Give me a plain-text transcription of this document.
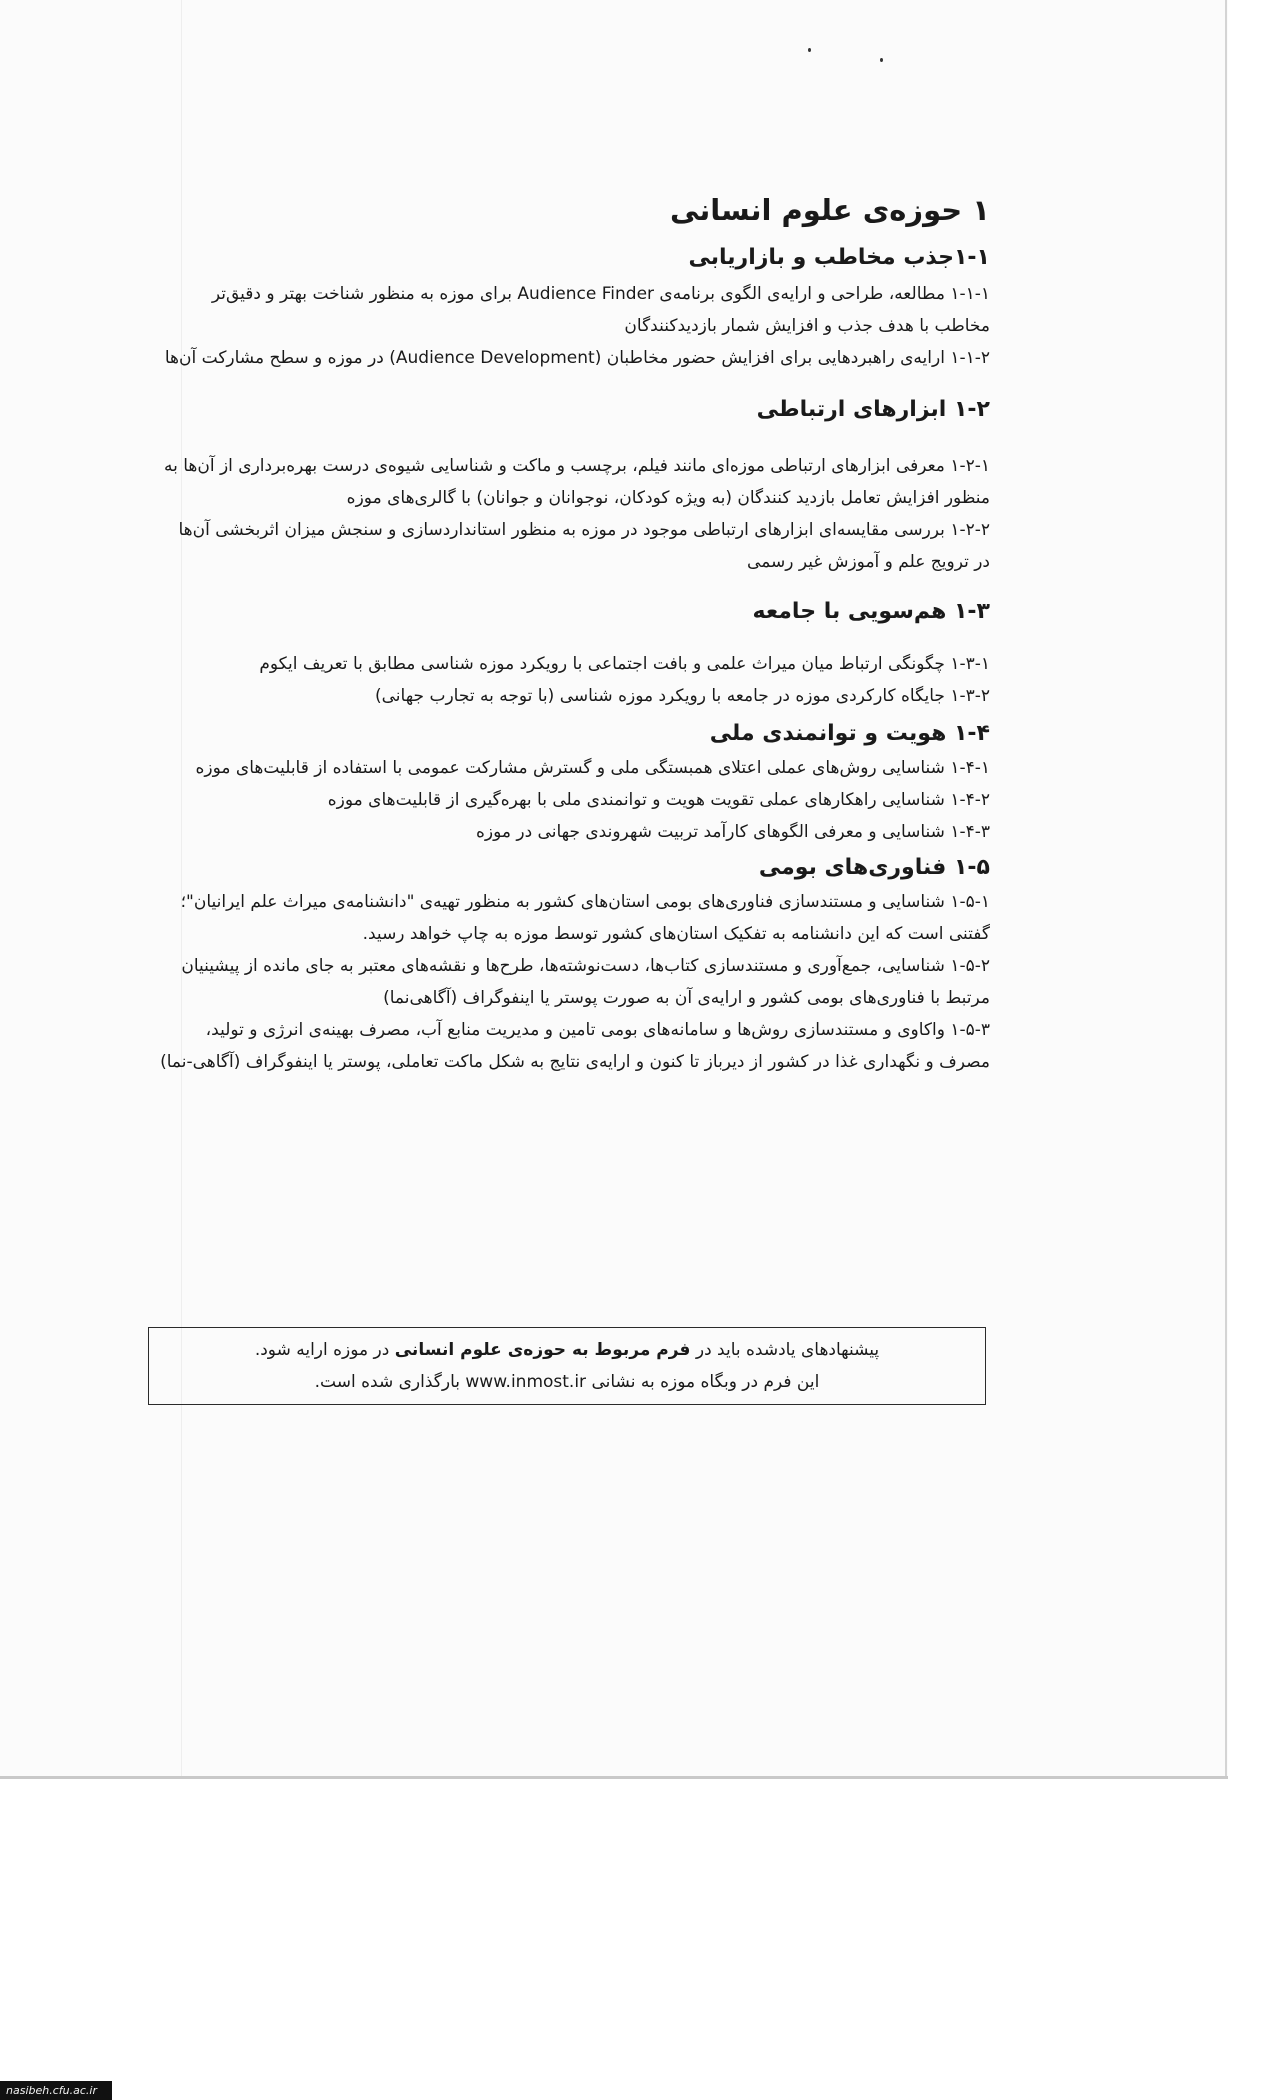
۱ حوزه‌ی علوم انسانی
۱-۱جذب مخاطب و بازاریابی

۱-۱-۱ مطالعه، طراحی و ارایه‌ی الگوی برنامه‌ی Audience Finder برای موزه به منظور شناخت بهتر و دقیق‌تر مخاطب با هدف جذب و افزایش شمار بازدیدکنندگان

۱-۱-۲ ارایه‌ی راهبردهایی برای افزایش حضور مخاطبان (Audience Development) در موزه و سطح مشارکت آن‌ها

۱-۲ ابزارهای ارتباطی

۱-۲-۱ معرفی ابزارهای ارتباطی موزه‌ای مانند فیلم، برچسب و ماکت و شناسایی شیوه‌ی درست بهره‌برداری از آن‌ها به منظور افزایش تعامل بازدید کنندگان (به ویژه کودکان، نوجوانان و جوانان) با گالری‌های موزه

۱-۲-۲ بررسی مقایسه‌ای ابزارهای ارتباطی موجود در موزه به منظور استانداردسازی و سنجش میزان اثربخشی آن‌ها در ترویج علم و آموزش غیر رسمی

۱-۳ هم‌سویی با جامعه

۱-۳-۱ چگونگی ارتباط میان میراث علمی و بافت اجتماعی با رویکرد موزه شناسی مطابق با تعریف ایکوم

۱-۳-۲ جایگاه کارکردی موزه در جامعه با رویکرد موزه شناسی (با توجه به تجارب جهانی)

۱-۴ هویت و توانمندی ملی

۱-۴-۱ شناسایی روش‌های عملی اعتلای همبستگی ملی و گسترش مشارکت عمومی با استفاده از قابلیت‌های موزه

۱-۴-۲ شناسایی راهکارهای عملی تقویت هویت و توانمندی ملی با بهره‌گیری از قابلیت‌های موزه

۱-۴-۳ شناسایی و معرفی الگوهای کارآمد تربیت شهروندی جهانی در موزه

۱-۵ فناوری‌های بومی

۱-۵-۱ شناسایی و مستندسازی فناوری‌های بومی استان‌های کشور به منظور تهیه‌ی "دانشنامه‌ی میراث علم ایرانیان"؛ گفتنی است که این دانشنامه به تفکیک استان‌های کشور توسط موزه به چاپ خواهد رسید.

۱-۵-۲ شناسایی، جمع‌آوری و مستندسازی کتاب‌ها، دست‌نوشته‌ها، طرح‌ها و نقشه‌های معتبر به جای مانده از پیشینیان مرتبط با فناوری‌های بومی کشور و ارایه‌ی آن به صورت پوستر یا اینفوگراف (آگاهی‌نما)

۱-۵-۳ واکاوی و مستندسازی روش‌ها و سامانه‌های بومی تامین و مدیریت منابع آب، مصرف بهینه‌ی انرژی و تولید، مصرف و نگهداری غذا در کشور از دیرباز تا کنون و ارایه‌ی نتایج به شکل ماکت تعاملی، پوستر یا اینفوگراف (آگاهی-نما)

پیشنهادهای یادشده باید در فرم مربوط به حوزه‌ی علوم انسانی در موزه ارایه شود.

این فرم در وبگاه موزه به نشانی www.inmost.ir بارگذاری شده است.

nasibeh.cfu.ac.ir
